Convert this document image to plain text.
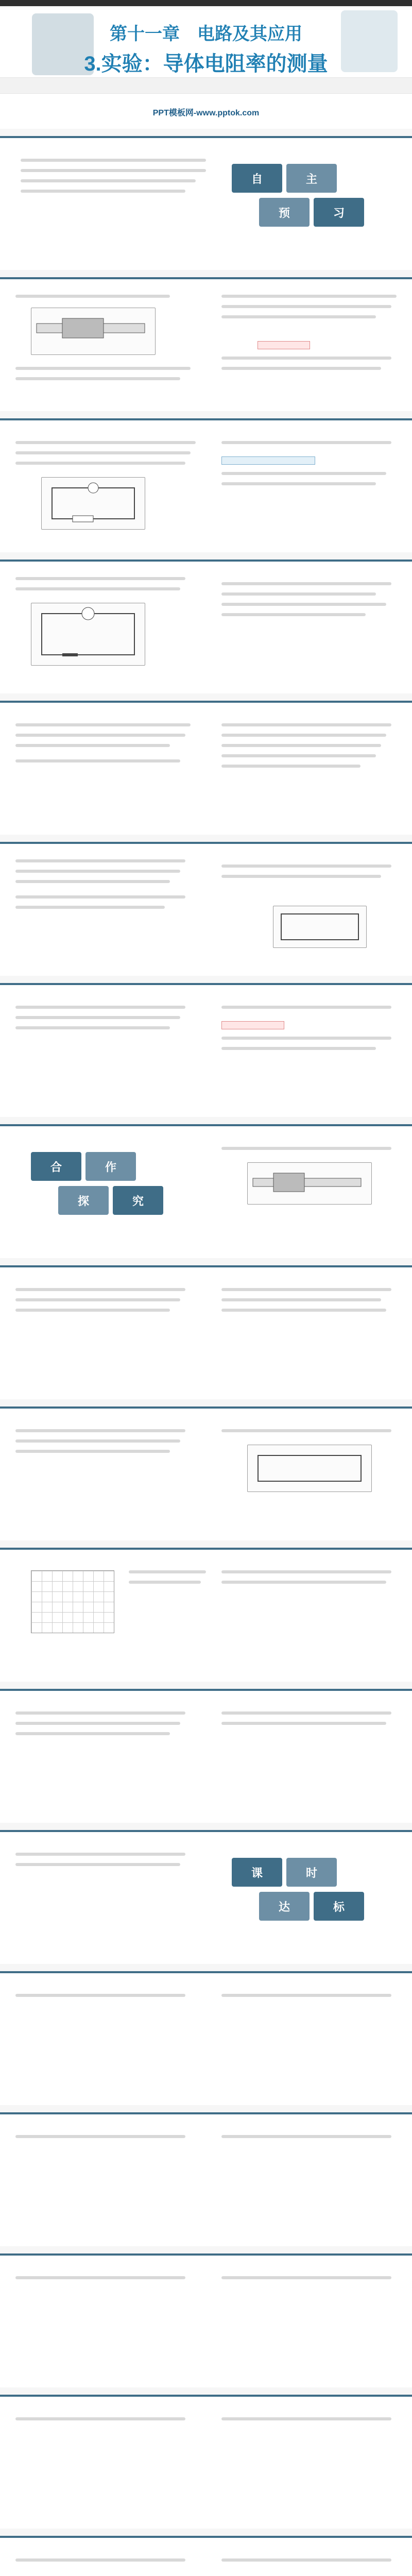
第十一章　电路及其应用
3.实验：导体电阻率的测量
PPT模板网-www.pptok.com
自	主
预	习
合	作
探	究
课	时
达	标
